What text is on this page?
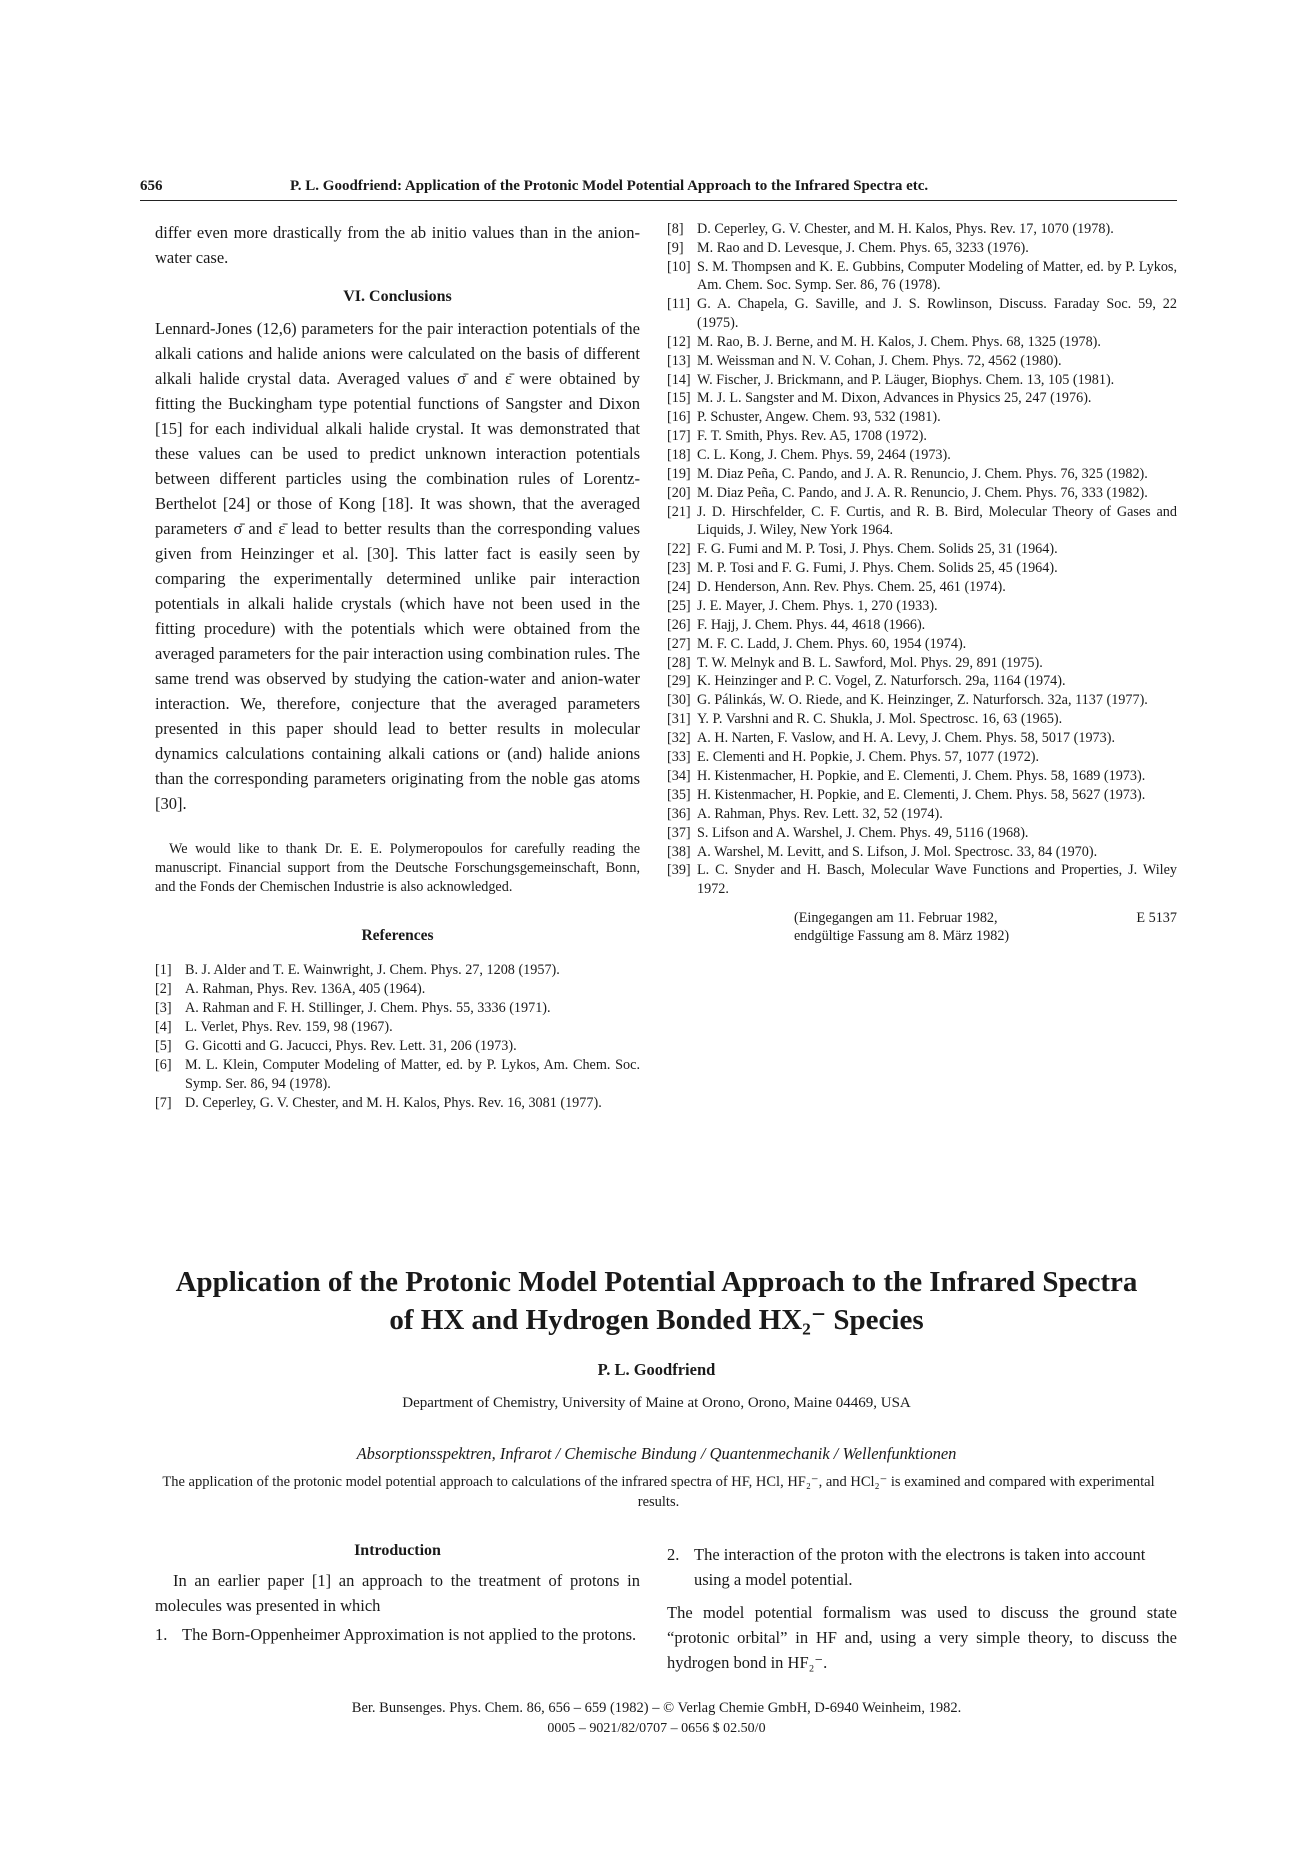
656	P. L. Goodfriend: Application of the Protonic Model Potential Approach to the Infrared Spectra etc.

differ even more drastically from the ab initio values than in the anion-water case.

VI. Conclusions

Lennard-Jones (12,6) parameters for the pair interaction potentials of the alkali cations and halide anions were calculated on the basis of different alkali halide crystal data. Averaged values σ̄ and ε̄ were obtained by fitting the Buckingham type potential functions of Sangster and Dixon [15] for each individual alkali halide crystal. It was demonstrated that these values can be used to predict unknown interaction potentials between different particles using the combination rules of Lorentz-Berthelot [24] or those of Kong [18]. It was shown, that the averaged parameters σ̄ and ε̄ lead to better results than the corresponding values given from Heinzinger et al. [30]. This latter fact is easily seen by comparing the experimentally determined unlike pair interaction potentials in alkali halide crystals (which have not been used in the fitting procedure) with the potentials which were obtained from the averaged parameters for the pair interaction using combination rules. The same trend was observed by studying the cation-water and anion-water interaction. We, therefore, conjecture that the averaged parameters presented in this paper should lead to better results in molecular dynamics calculations containing alkali cations or (and) halide anions than the corresponding parameters originating from the noble gas atoms [30].

We would like to thank Dr. E. E. Polymeropoulos for carefully reading the manuscript. Financial support from the Deutsche Forschungsgemeinschaft, Bonn, and the Fonds der Chemischen Industrie is also acknowledged.

References
[1] B. J. Alder and T. E. Wainwright, J. Chem. Phys. 27, 1208 (1957).
[2] A. Rahman, Phys. Rev. 136A, 405 (1964).
[3] A. Rahman and F. H. Stillinger, J. Chem. Phys. 55, 3336 (1971).
[4] L. Verlet, Phys. Rev. 159, 98 (1967).
[5] G. Gicotti and G. Jacucci, Phys. Rev. Lett. 31, 206 (1973).
[6] M. L. Klein, Computer Modeling of Matter, ed. by P. Lykos, Am. Chem. Soc. Symp. Ser. 86, 94 (1978).
[7] D. Ceperley, G. V. Chester, and M. H. Kalos, Phys. Rev. 16, 3081 (1977).
[8] D. Ceperley, G. V. Chester, and M. H. Kalos, Phys. Rev. 17, 1070 (1978).
[9] M. Rao and D. Levesque, J. Chem. Phys. 65, 3233 (1976).
[10] S. M. Thompsen and K. E. Gubbins, Computer Modeling of Matter, ed. by P. Lykos, Am. Chem. Soc. Symp. Ser. 86, 76 (1978).
[11] G. A. Chapela, G. Saville, and J. S. Rowlinson, Discuss. Faraday Soc. 59, 22 (1975).
[12] M. Rao, B. J. Berne, and M. H. Kalos, J. Chem. Phys. 68, 1325 (1978).
[13] M. Weissman and N. V. Cohan, J. Chem. Phys. 72, 4562 (1980).
[14] W. Fischer, J. Brickmann, and P. Läuger, Biophys. Chem. 13, 105 (1981).
[15] M. J. L. Sangster and M. Dixon, Advances in Physics 25, 247 (1976).
[16] P. Schuster, Angew. Chem. 93, 532 (1981).
[17] F. T. Smith, Phys. Rev. A5, 1708 (1972).
[18] C. L. Kong, J. Chem. Phys. 59, 2464 (1973).
[19] M. Diaz Peña, C. Pando, and J. A. R. Renuncio, J. Chem. Phys. 76, 325 (1982).
[20] M. Diaz Peña, C. Pando, and J. A. R. Renuncio, J. Chem. Phys. 76, 333 (1982).
[21] J. D. Hirschfelder, C. F. Curtis, and R. B. Bird, Molecular Theory of Gases and Liquids, J. Wiley, New York 1964.
[22] F. G. Fumi and M. P. Tosi, J. Phys. Chem. Solids 25, 31 (1964).
[23] M. P. Tosi and F. G. Fumi, J. Phys. Chem. Solids 25, 45 (1964).
[24] D. Henderson, Ann. Rev. Phys. Chem. 25, 461 (1974).
[25] J. E. Mayer, J. Chem. Phys. 1, 270 (1933).
[26] F. Hajj, J. Chem. Phys. 44, 4618 (1966).
[27] M. F. C. Ladd, J. Chem. Phys. 60, 1954 (1974).
[28] T. W. Melnyk and B. L. Sawford, Mol. Phys. 29, 891 (1975).
[29] K. Heinzinger and P. C. Vogel, Z. Naturforsch. 29a, 1164 (1974).
[30] G. Pálinkás, W. O. Riede, and K. Heinzinger, Z. Naturforsch. 32a, 1137 (1977).
[31] Y. P. Varshni and R. C. Shukla, J. Mol. Spectrosc. 16, 63 (1965).
[32] A. H. Narten, F. Vaslow, and H. A. Levy, J. Chem. Phys. 58, 5017 (1973).
[33] E. Clementi and H. Popkie, J. Chem. Phys. 57, 1077 (1972).
[34] H. Kistenmacher, H. Popkie, and E. Clementi, J. Chem. Phys. 58, 1689 (1973).
[35] H. Kistenmacher, H. Popkie, and E. Clementi, J. Chem. Phys. 58, 5627 (1973).
[36] A. Rahman, Phys. Rev. Lett. 32, 52 (1974).
[37] S. Lifson and A. Warshel, J. Chem. Phys. 49, 5116 (1968).
[38] A. Warshel, M. Levitt, and S. Lifson, J. Mol. Spectrosc. 33, 84 (1970).
[39] L. C. Snyder and H. Basch, Molecular Wave Functions and Properties, J. Wiley 1972.
(Eingegangen am 11. Februar 1982,
endgültige Fassung am 8. März 1982)
E 5137
Application of the Protonic Model Potential Approach to the Infrared Spectra
of HX and Hydrogen Bonded HX₂⁻ Species
P. L. Goodfriend
Department of Chemistry, University of Maine at Orono, Orono, Maine 04469, USA
Absorptionsspektren, Infrarot / Chemische Bindung / Quantenmechanik / Wellenfunktionen
The application of the protonic model potential approach to calculations of the infrared spectra of HF, HCl, HF₂⁻, and HCl₂⁻ is examined and compared with experimental results.
Introduction

In an earlier paper [1] an approach to the treatment of protons in molecules was presented in which

1. The Born-Oppenheimer Approximation is not applied to the protons.
2. The interaction of the proton with the electrons is taken into account using a model potential.

The model potential formalism was used to discuss the ground state “protonic orbital” in HF and, using a very simple theory, to discuss the hydrogen bond in HF₂⁻.

Ber. Bunsenges. Phys. Chem. 86, 656 – 659 (1982) – © Verlag Chemie GmbH, D-6940 Weinheim, 1982.
0005 – 9021/82/0707 – 0656 $ 02.50/0
